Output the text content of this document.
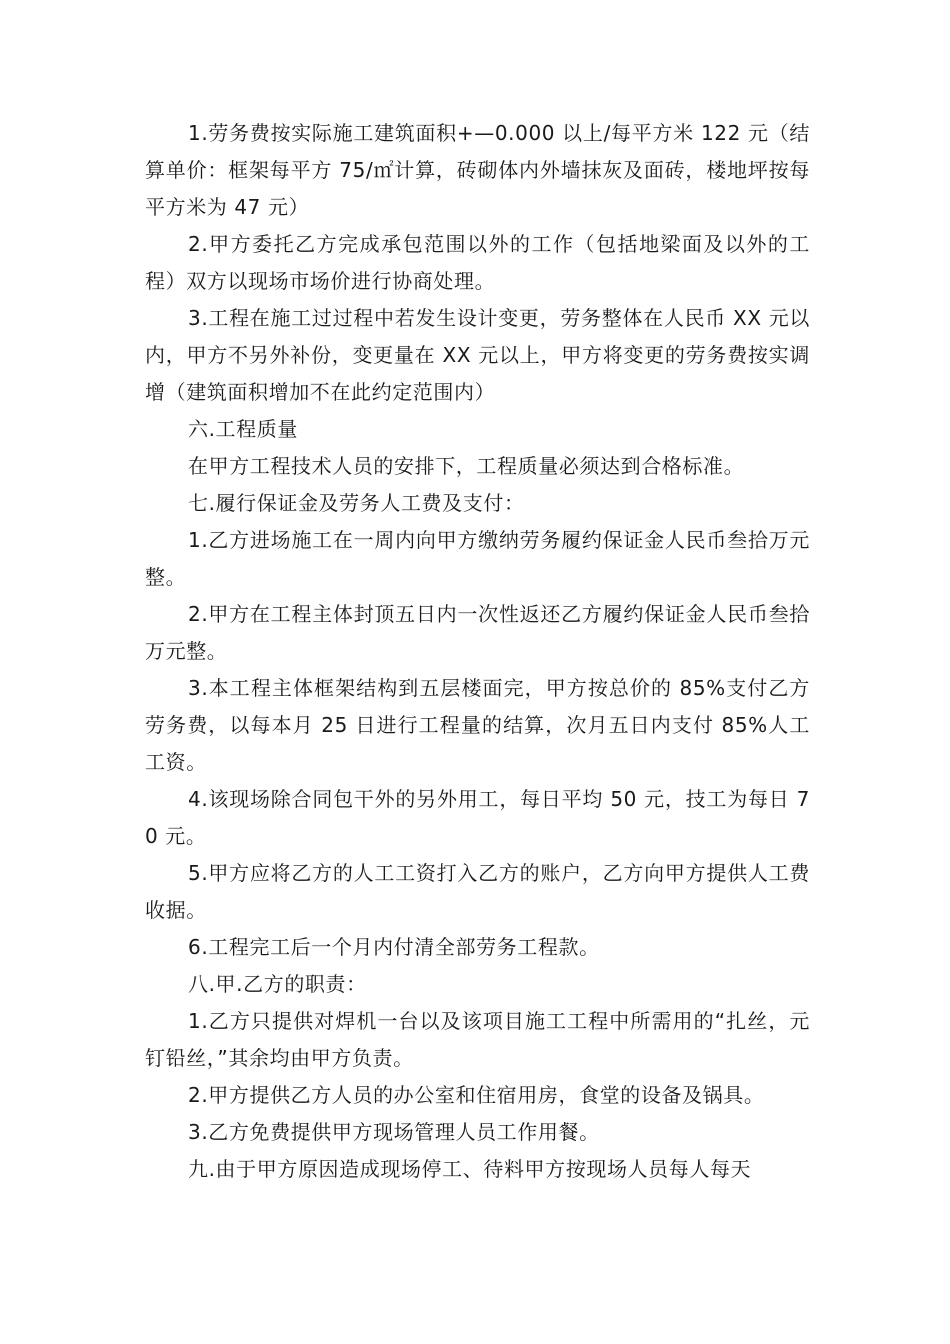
1.劳务费按实际施工建筑面积+—0.000 以上/每平方米 122 元（结算单价：框架每平方 75/㎡计算，砖砌体内外墙抹灰及面砖，楼地坪按每平方米为 47 元）

2.甲方委托乙方完成承包范围以外的工作（包括地梁面及以外的工程）双方以现场市场价进行协商处理。

3.工程在施工过过程中若发生设计变更，劳务整体在人民币 XX 元以内，甲方不另外补份，变更量在 XX 元以上，甲方将变更的劳务费按实调增（建筑面积增加不在此约定范围内）

六.工程质量

在甲方工程技术人员的安排下，工程质量必须达到合格标准。

七.履行保证金及劳务人工费及支付：

1.乙方进场施工在一周内向甲方缴纳劳务履约保证金人民币叁拾万元整。

2.甲方在工程主体封顶五日内一次性返还乙方履约保证金人民币叁拾万元整。

3.本工程主体框架结构到五层楼面完，甲方按总价的 85%支付乙方劳务费，以每本月 25 日进行工程量的结算，次月五日内支付 85%人工工资。

4.该现场除合同包干外的另外用工，每日平均 50 元，技工为每日 70 元。

5.甲方应将乙方的人工工资打入乙方的账户，乙方向甲方提供人工费收据。

6.工程完工后一个月内付清全部劳务工程款。

八.甲.乙方的职责：

1.乙方只提供对焊机一台以及该项目施工工程中所需用的“扎丝，元钉铅丝，”其余均由甲方负责。

2.甲方提供乙方人员的办公室和住宿用房，食堂的设备及锅具。

3.乙方免费提供甲方现场管理人员工作用餐。

九.由于甲方原因造成现场停工、待料甲方按现场人员每人每天
